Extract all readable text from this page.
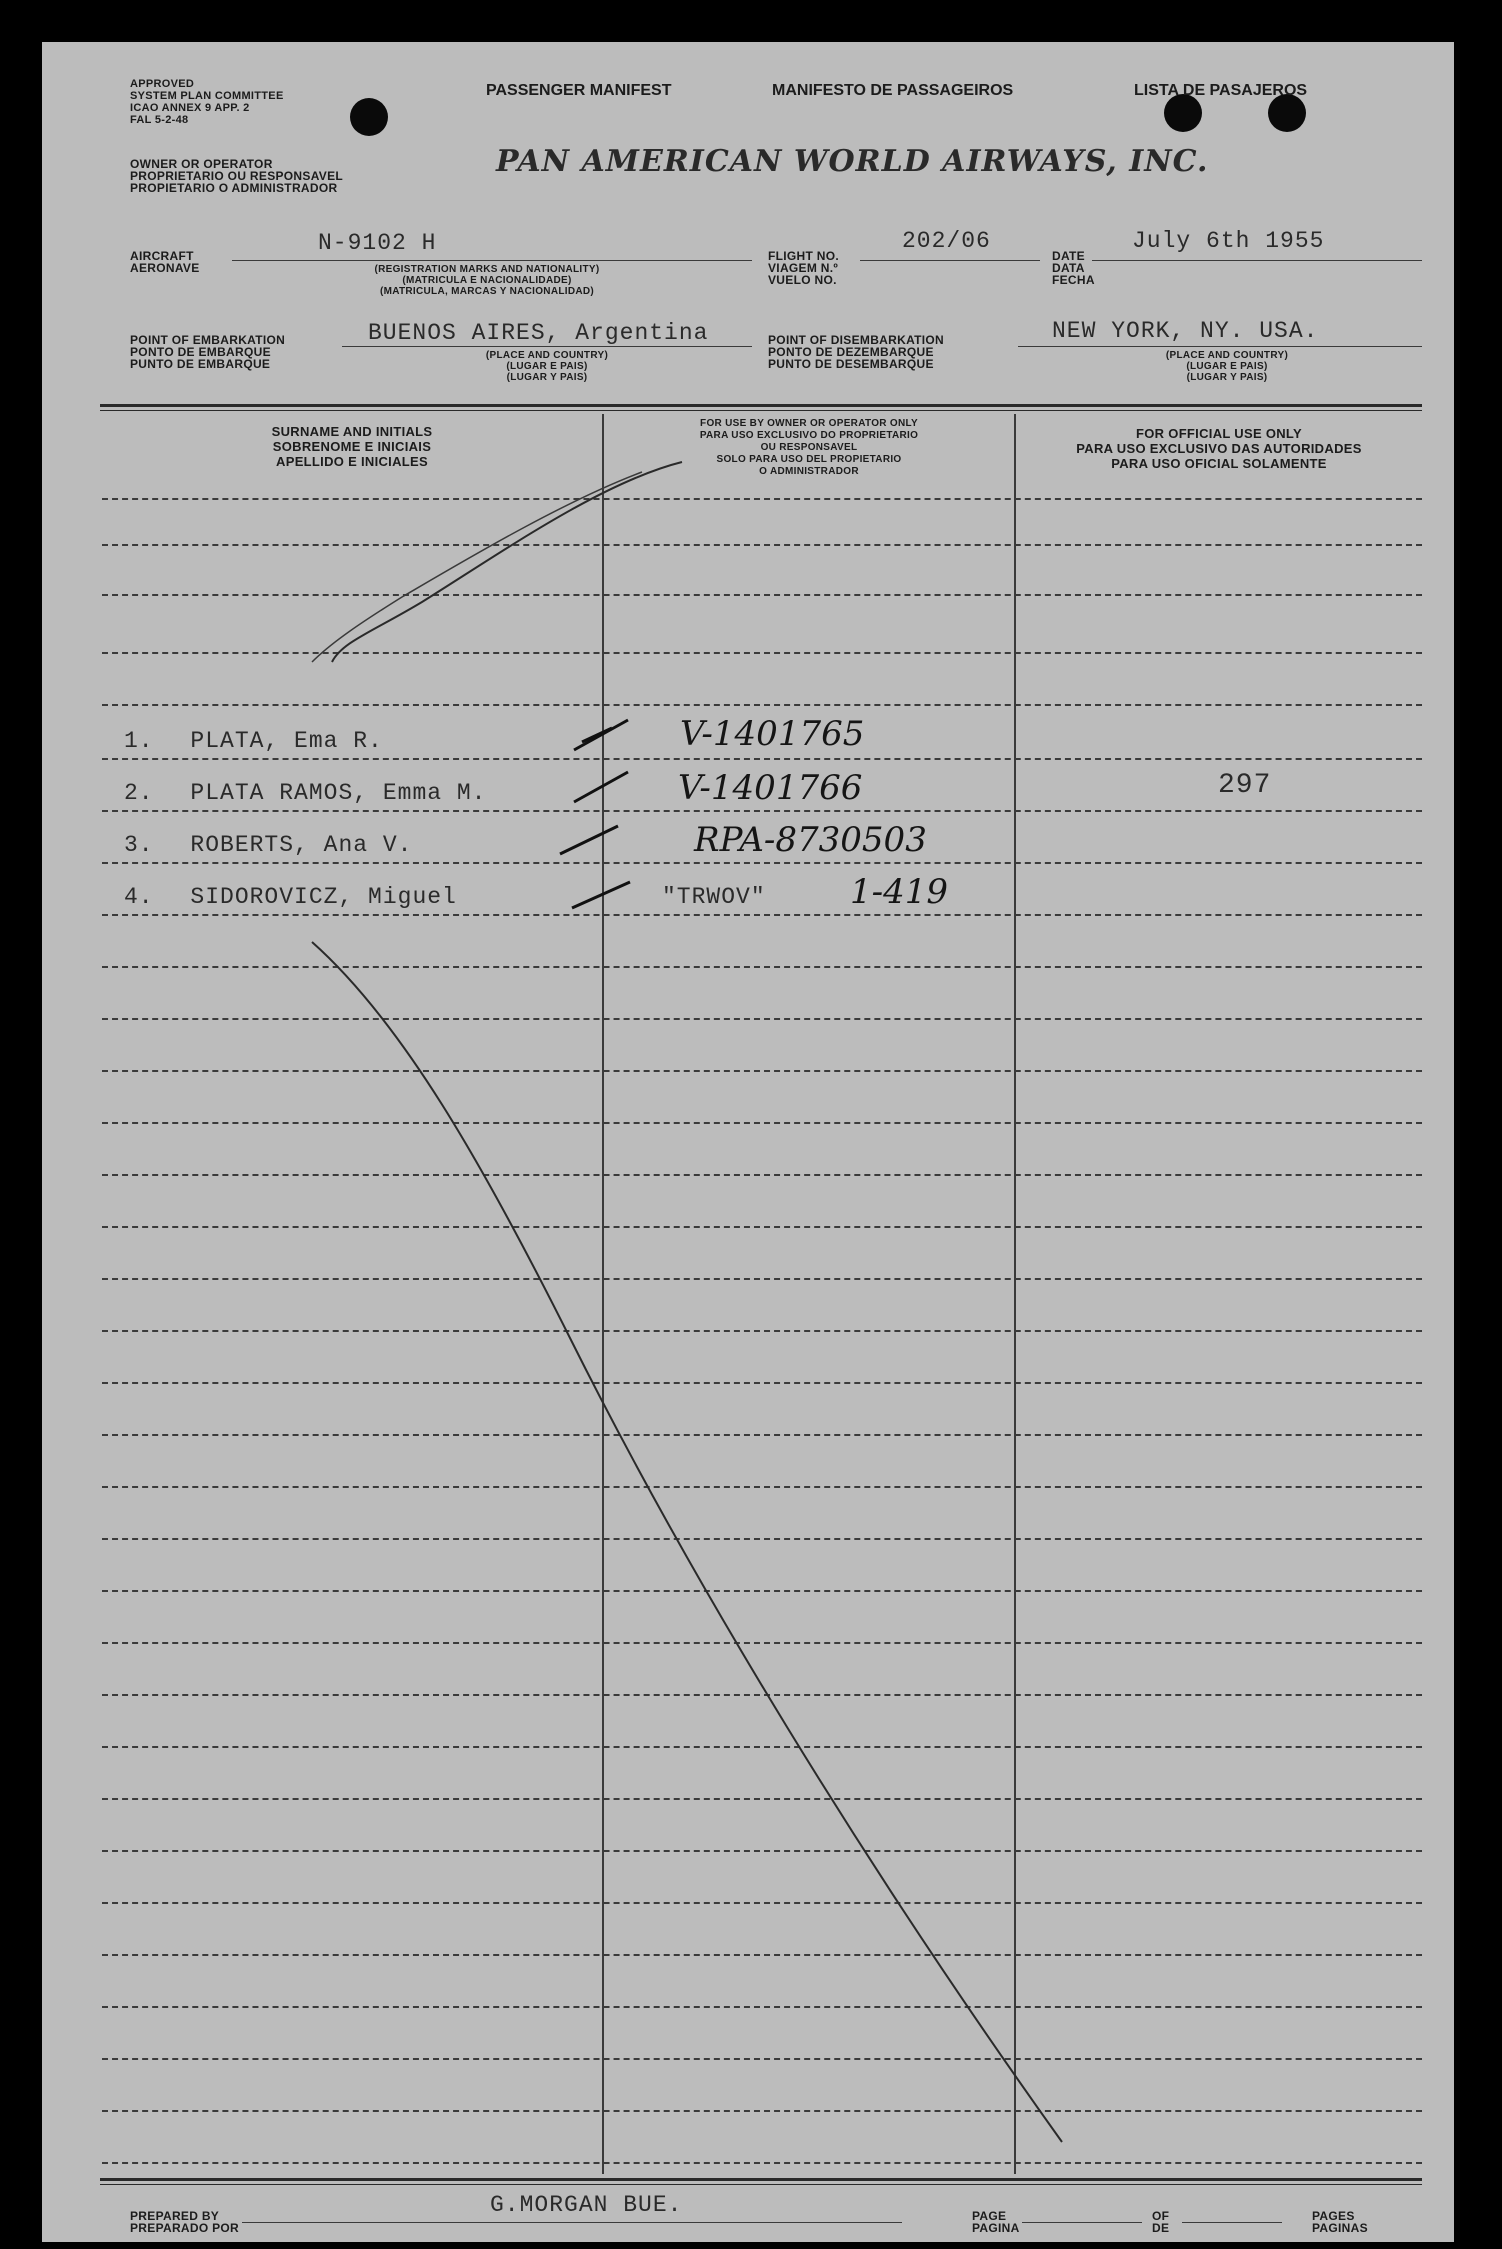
APPROVED
SYSTEM PLAN COMMITTEE
ICAO ANNEX 9 APP. 2
FAL 5-2-48
PASSENGER MANIFEST	MANIFESTO DE PASSAGEIROS	LISTA DE PASAJEROS
OWNER OR OPERATOR
PROPRIETARIO OU RESPONSAVEL
PROPIETARIO O ADMINISTRADOR
PAN AMERICAN WORLD AIRWAYS, INC.
AIRCRAFT
AERONAVE
N-9102 H
(REGISTRATION MARKS AND NATIONALITY)
(MATRICULA E NACIONALIDADE)
(MATRICULA, MARCAS Y NACIONALIDAD)
FLIGHT NO.
VIAGEM N.º
VUELO NO.
202/06
DATE
DATA
FECHA
July 6th 1955
POINT OF EMBARKATION
PONTO DE EMBARQUE
PUNTO DE EMBARQUE
BUENOS AIRES, Argentina
(PLACE AND COUNTRY)
(LUGAR E PAIS)
(LUGAR Y PAIS)
POINT OF DISEMBARKATION
PONTO DE DEZEMBARQUE
PUNTO DE DESEMBARQUE
NEW YORK, NY. USA.
(PLACE AND COUNTRY)
(LUGAR E PAIS)
(LUGAR Y PAIS)
SURNAME AND INITIALS
SOBRENOME E INICIAIS
APELLIDO E INICIALES
FOR USE BY OWNER OR OPERATOR ONLY
PARA USO EXCLUSIVO DO PROPRIETARIO
OU RESPONSAVEL
SOLO PARA USO DEL PROPIETARIO
O ADMINISTRADOR
FOR OFFICIAL USE ONLY
PARA USO EXCLUSIVO DAS AUTORIDADES
PARA USO OFICIAL SOLAMENTE
1. PLATA, Ema R.	V-1401765
2. PLATA RAMOS, Emma M.	V-1401766	297
3. ROBERTS, Ana V.	RPA-8730503
4. SIDOROVICZ, Miguel	"TRWOV" 1-419
PREPARED BY
PREPARADO POR
G.MORGAN BUE.	PAGE
PAGINA
OF
DE
PAGES
PAGINAS
